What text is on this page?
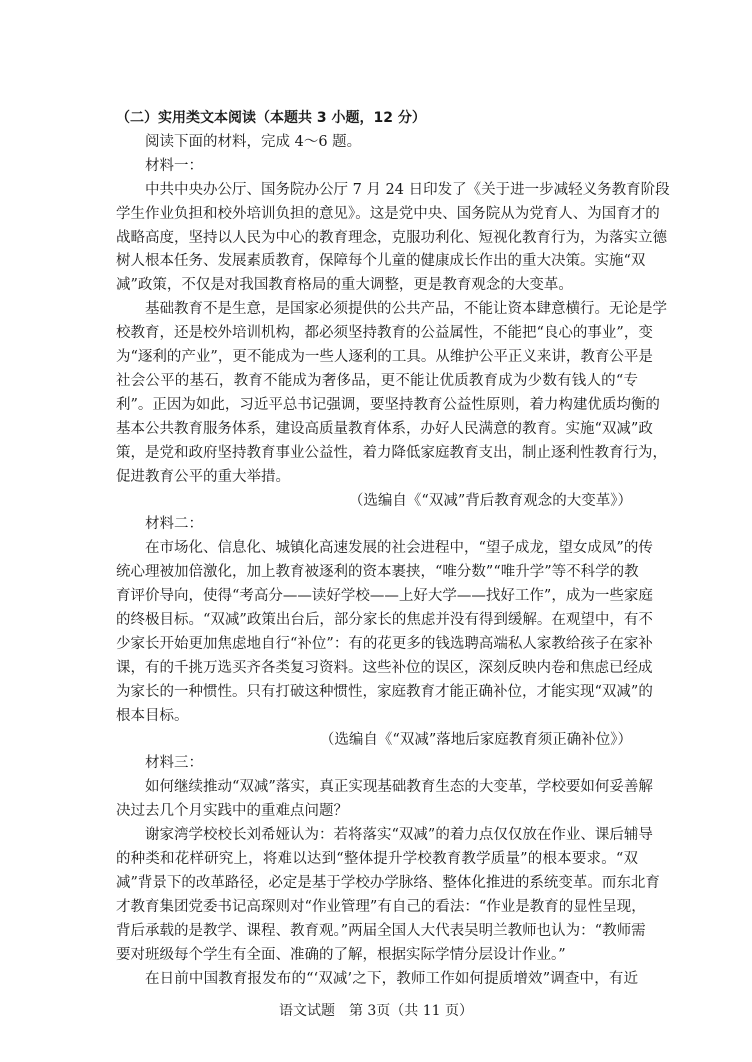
（二）实用类文本阅读（本题共 3 小题，12 分）
阅读下面的材料，完成 4～6 题。
材料一：
中共中央办公厅、国务院办公厅 7 月 24 日印发了《关于进一步减轻义务教育阶段
学生作业负担和校外培训负担的意见》。这是党中央、国务院从为党育人、为国育才的
战略高度，坚持以人民为中心的教育理念，克服功利化、短视化教育行为，为落实立德
树人根本任务、发展素质教育，保障每个儿童的健康成长作出的重大决策。实施“双
减”政策，不仅是对我国教育格局的重大调整，更是教育观念的大变革。
基础教育不是生意，是国家必须提供的公共产品，不能让资本肆意横行。无论是学
校教育，还是校外培训机构，都必须坚持教育的公益属性，不能把“良心的事业”，变
为“逐利的产业”，更不能成为一些人逐利的工具。从维护公平正义来讲，教育公平是
社会公平的基石，教育不能成为奢侈品，更不能让优质教育成为少数有钱人的“专
利”。正因为如此，习近平总书记强调，要坚持教育公益性原则，着力构建优质均衡的
基本公共教育服务体系，建设高质量教育体系，办好人民满意的教育。实施“双减”政
策，是党和政府坚持教育事业公益性，着力降低家庭教育支出，制止逐利性教育行为，
促进教育公平的重大举措。
（选编自《“双减”背后教育观念的大变革》）
材料二：
在市场化、信息化、城镇化高速发展的社会进程中，“望子成龙，望女成凤”的传
统心理被加倍激化，加上教育被逐利的资本裹挟，“唯分数”“唯升学”等不科学的教
育评价导向，使得“考高分——读好学校——上好大学——找好工作”，成为一些家庭
的终极目标。“双减”政策出台后，部分家长的焦虑并没有得到缓解。在观望中，有不
少家长开始更加焦虑地自行“补位”：有的花更多的钱选聘高端私人家教给孩子在家补
课，有的千挑万选买齐各类复习资料。这些补位的误区，深刻反映内卷和焦虑已经成
为家长的一种惯性。只有打破这种惯性，家庭教育才能正确补位，才能实现“双减”的
根本目标。
（选编自《“双减”落地后家庭教育须正确补位》）
材料三：
如何继续推动“双减”落实，真正实现基础教育生态的大变革，学校要如何妥善解
决过去几个月实践中的重难点问题？
谢家湾学校校长刘希娅认为：若将落实“双减”的着力点仅仅放在作业、课后辅导
的种类和花样研究上，将难以达到“整体提升学校教育教学质量”的根本要求。“双
减”背景下的改革路径，必定是基于学校办学脉络、整体化推进的系统变革。而东北育
才教育集团党委书记高琛则对“作业管理”有自己的看法：“作业是教育的显性呈现，
背后承载的是教学、课程、教育观。”两届全国人大代表吴明兰教师也认为：“教师需
要对班级每个学生有全面、准确的了解，根据实际学情分层设计作业。”
在日前中国教育报发布的“‘双减’之下，教师工作如何提质增效”调查中，有近
语文试题　第 3页（共 11 页）
